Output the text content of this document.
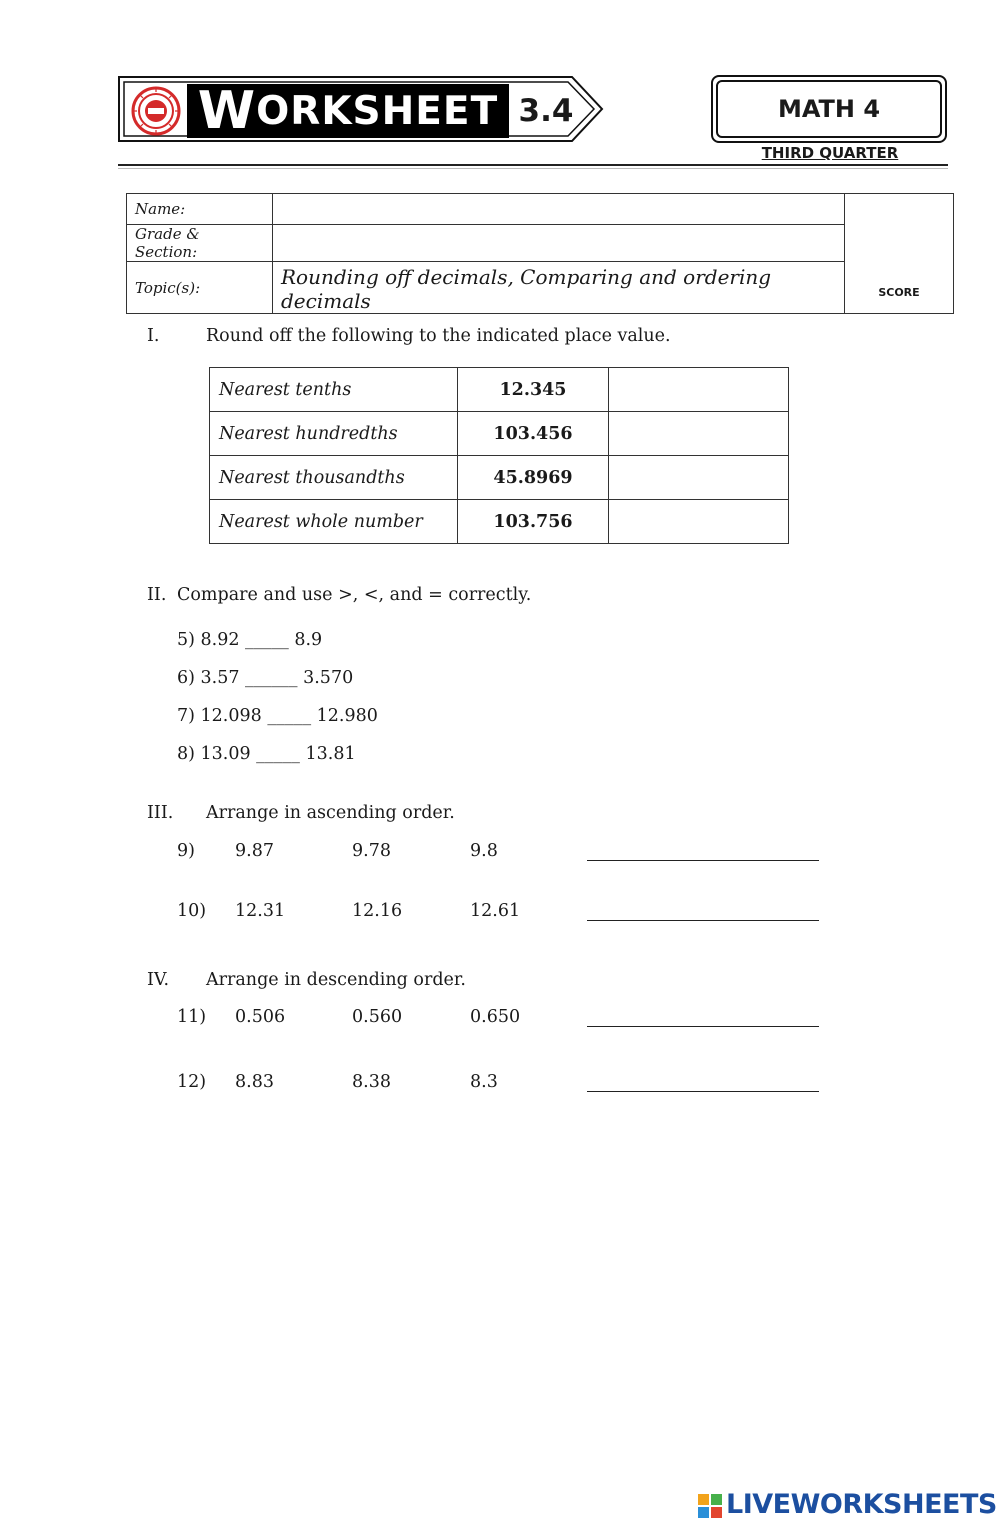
W ORKSHEET 3.4	MATH 4
THIRD QUARTER
Name:		SCORE
Grade & Section:		
Topic(s):	Rounding off decimals, Comparing and ordering decimals	
I.	Round off the following to the indicated place value.
Nearest tenths	12.345	
Nearest hundredths	103.456	
Nearest thousandths	45.8969	
Nearest whole number	103.756	
II. Compare and use >, <, and = correctly.
5) 8.92 _____ 8.9
6) 3.57 ______ 3.570
7) 12.098 _____ 12.980
8) 13.09 _____ 13.81
III. Arrange in ascending order.
9) 9.87	9.78	9.8
10) 12.31	12.16	12.61
IV. Arrange in descending order.
11) 0.506	0.560	0.650
12) 8.83	8.38	8.3
LIVEWORKSHEETS
